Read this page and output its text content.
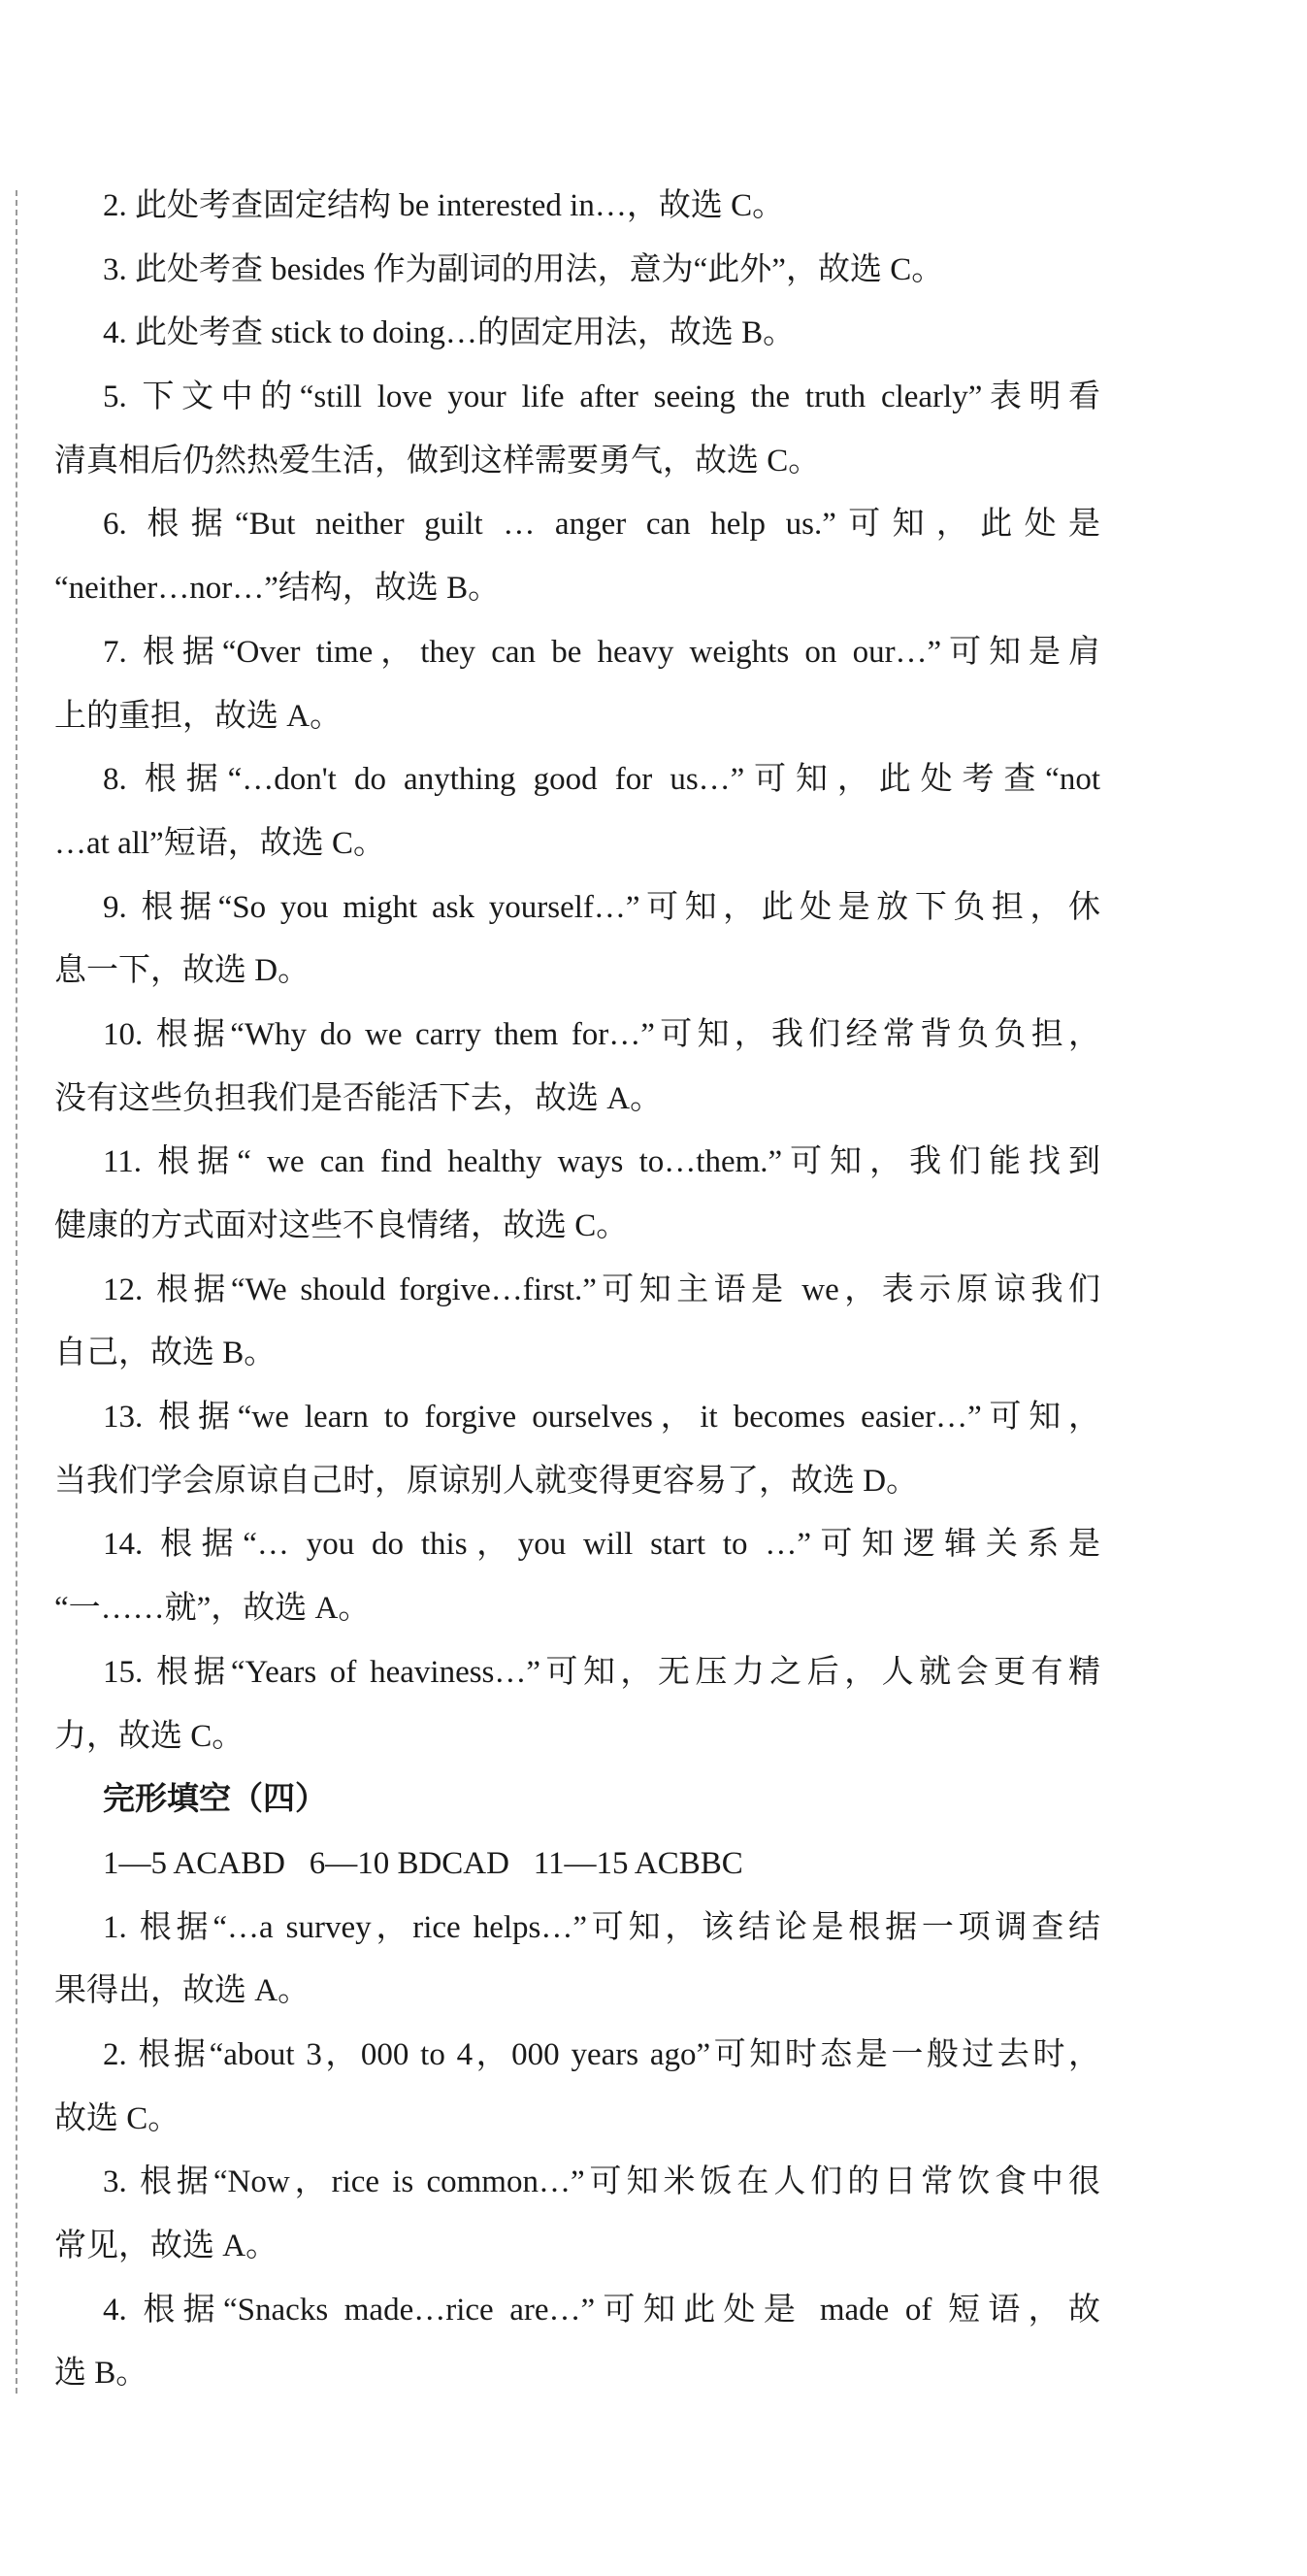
2. 此处考查固定结构 be interested in…，故选 C。
3. 此处考查 besides 作为副词的用法，意为“此外”，故选 C。
4. 此处考查 stick to doing…的固定用法，故选 B。
5. 下文中的“still love your life after seeing the truth clearly”表明看
清真相后仍然热爱生活，做到这样需要勇气，故选 C。
6. 根据“But neither guilt … anger can help us.”可知，此处是
“neither…nor…”结构，故选 B。
7. 根据“Over time，they can be heavy weights on our…”可知是肩
上的重担，故选 A。
8. 根据“…don't do anything good for us…”可知，此处考查“not
…at all”短语，故选 C。
9. 根据“So you might ask yourself…”可知，此处是放下负担，休
息一下，故选 D。
10. 根据“Why do we carry them for…”可知，我们经常背负负担，
没有这些负担我们是否能活下去，故选 A。
11. 根据“ we can find healthy ways to…them.”可知，我们能找到
健康的方式面对这些不良情绪，故选 C。
12. 根据“We should forgive…first.”可知主语是 we，表示原谅我们
自己，故选 B。
13. 根据“we learn to forgive ourselves，it becomes easier…”可知，
当我们学会原谅自己时，原谅别人就变得更容易了，故选 D。
14. 根据“… you do this，you will start to …”可知逻辑关系是
“一……就”，故选 A。
15. 根据“Years of heaviness…”可知，无压力之后，人就会更有精
力，故选 C。
完形填空（四）
1—5 ACABD   6—10 BDCAD   11—15 ACBBC
1. 根据“…a survey，rice helps…”可知，该结论是根据一项调查结
果得出，故选 A。
2. 根据“about 3，000 to 4，000 years ago”可知时态是一般过去时，
故选 C。
3. 根据“Now，rice is common…”可知米饭在人们的日常饮食中很
常见，故选 A。
4. 根据“Snacks made…rice are…”可知此处是 made of 短语，故
选 B。
